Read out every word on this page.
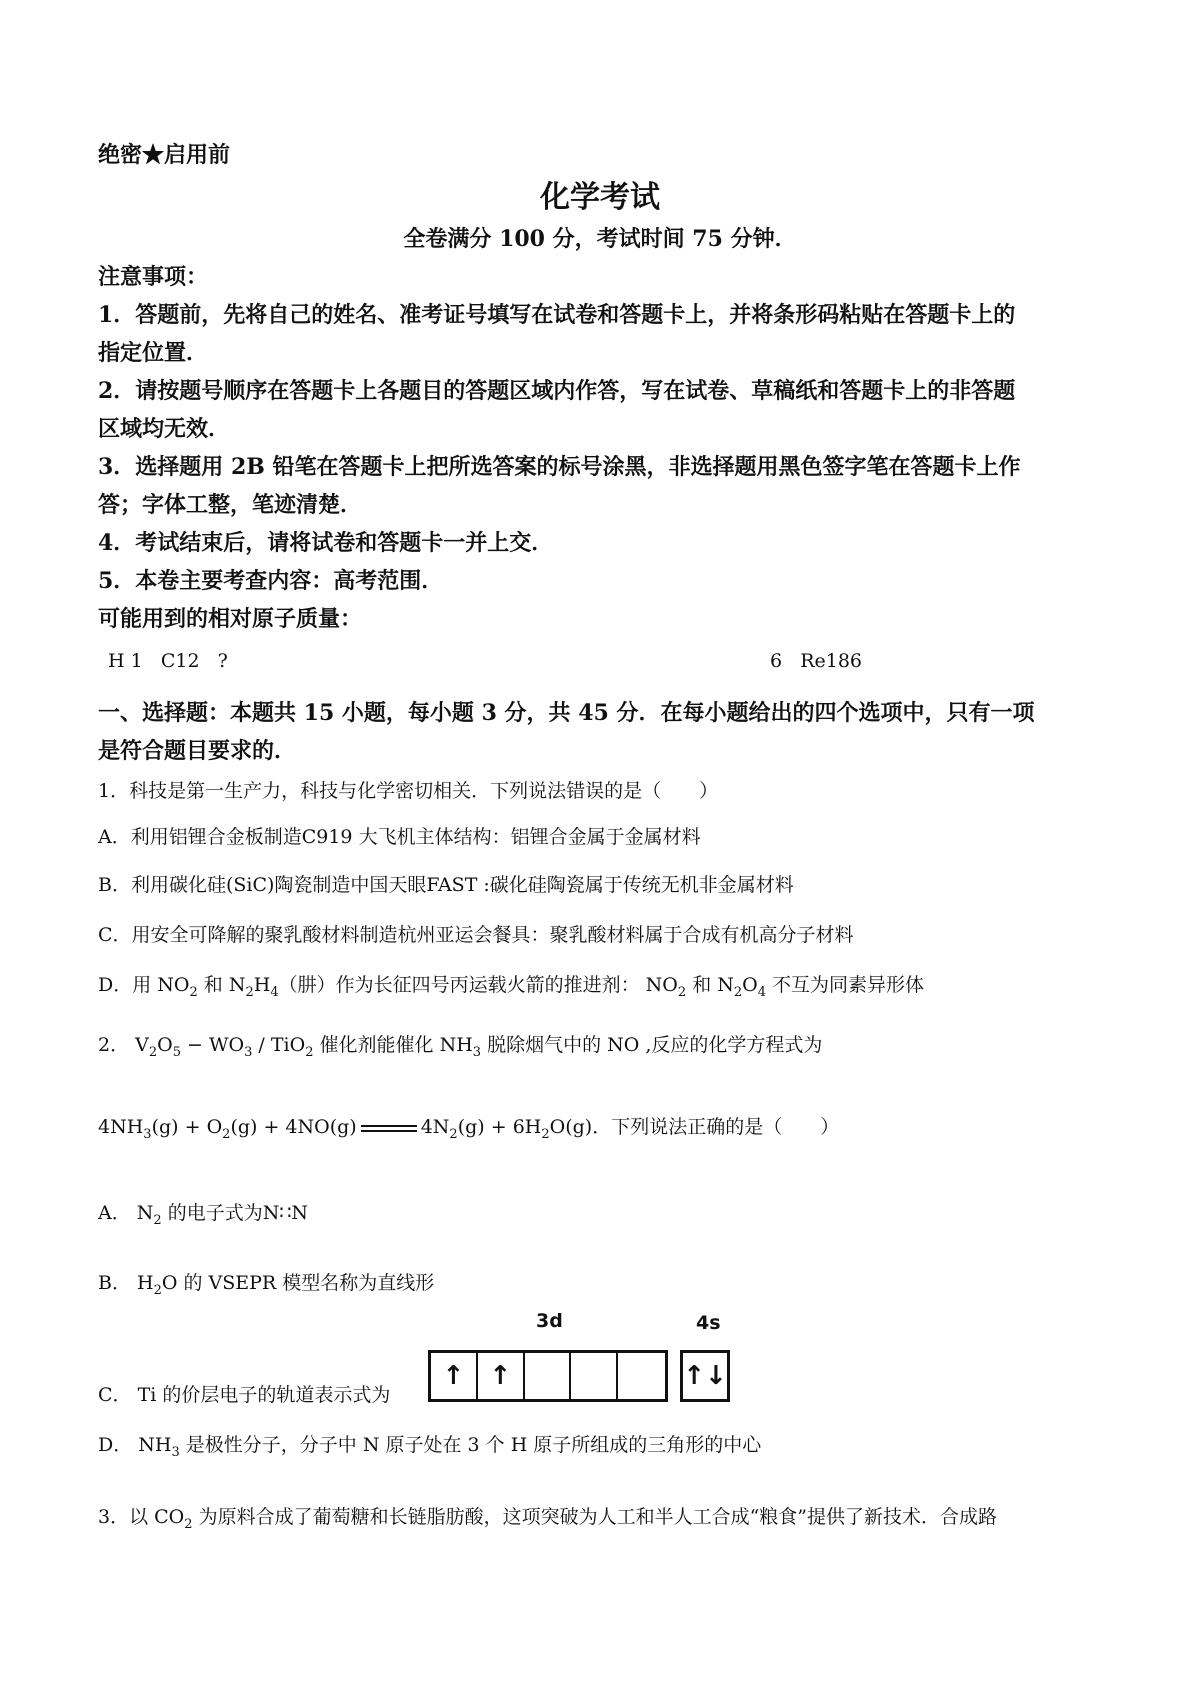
绝密★启用前
化学考试
全卷满分 100 分，考试时间 75 分钟．
注意事项：
1．答题前，先将自己的姓名、准考证号填写在试卷和答题卡上，并将条形码粘贴在答题卡上的
指定位置．
2．请按题号顺序在答题卡上各题目的答题区域内作答，写在试卷、草稿纸和答题卡上的非答题
区域均无效．
3．选择题用 2B 铅笔在答题卡上把所选答案的标号涂黑，非选择题用黑色签字笔在答题卡上作
答；字体工整，笔迹清楚．
4．考试结束后，请将试卷和答题卡一并上交．
5．本卷主要考查内容：高考范围．
可能用到的相对原子质量：
H 1   C12   ?	6   Re186
一、选择题：本题共 15 小题，每小题 3 分，共 45 分．在每小题给出的四个选项中，只有一项
是符合题目要求的．
1．科技是第一生产力，科技与化学密切相关．下列说法错误的是（　　）
A．利用铝锂合金板制造C919 大飞机主体结构：铝锂合金属于金属材料
B．利用碳化硅(SiC)陶瓷制造中国天眼FAST :碳化硅陶瓷属于传统无机非金属材料
C．用安全可降解的聚乳酸材料制造杭州亚运会餐具：聚乳酸材料属于合成有机高分子材料
D．用 $NO_2$ 和 $N_2H_4$（肼）作为长征四号丙运载火箭的推进剂： $NO_2$ 和 $N_2O_4$ 不互为同素异形体
2． $V_2O_5 - WO_3 / TiO_2$ 催化剂能催化 $NH_3$ 脱除烟气中的 NO ,反应的化学方程式为
$4NH_3(g) + O_2(g) + 4NO(g)$	$4N_2(g) + 6H_2O(g)$．下列说法正确的是（　　）
A． $N_2$ 的电子式为N∷N
B． $H_2O$ 的 VSEPR 模型名称为直线形
C． Ti 的价层电子的轨道表示式为
3d	4s
↑ ↑	↑↓
D． $NH_3$ 是极性分子，分子中 N 原子处在 3 个 H 原子所组成的三角形的中心
3．以 $CO_2$ 为原料合成了葡萄糖和长链脂肪酸，这项突破为人工和半人工合成“粮食”提供了新技术．合成路
